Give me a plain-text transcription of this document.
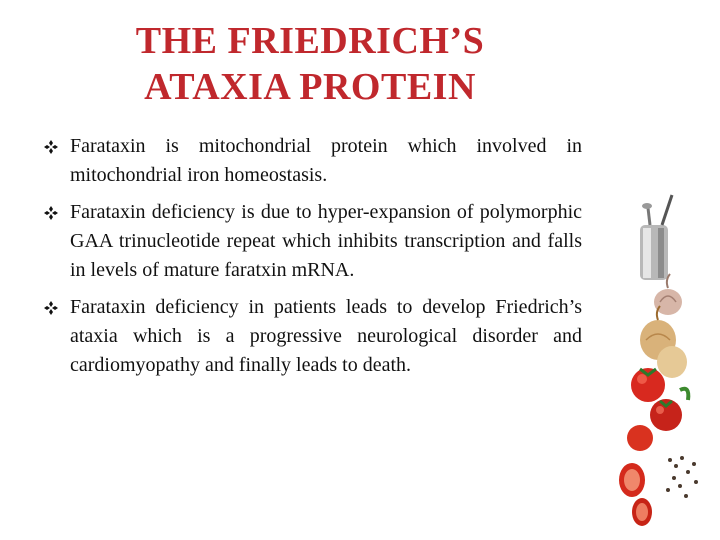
THE FRIEDRICH’S
ATAXIA PROTEIN
Farataxin is mitochondrial protein which involved in mitochondrial iron homeostasis.
Farataxin deficiency is due to hyper-expansion of polymorphic GAA trinucleotide repeat which inhibits transcription and falls in levels of mature faratxin mRNA.
Farataxin deficiency in patients leads to develop Friedrich’s ataxia which is a progressive neurological disorder and cardiomyopathy and finally leads to death.
